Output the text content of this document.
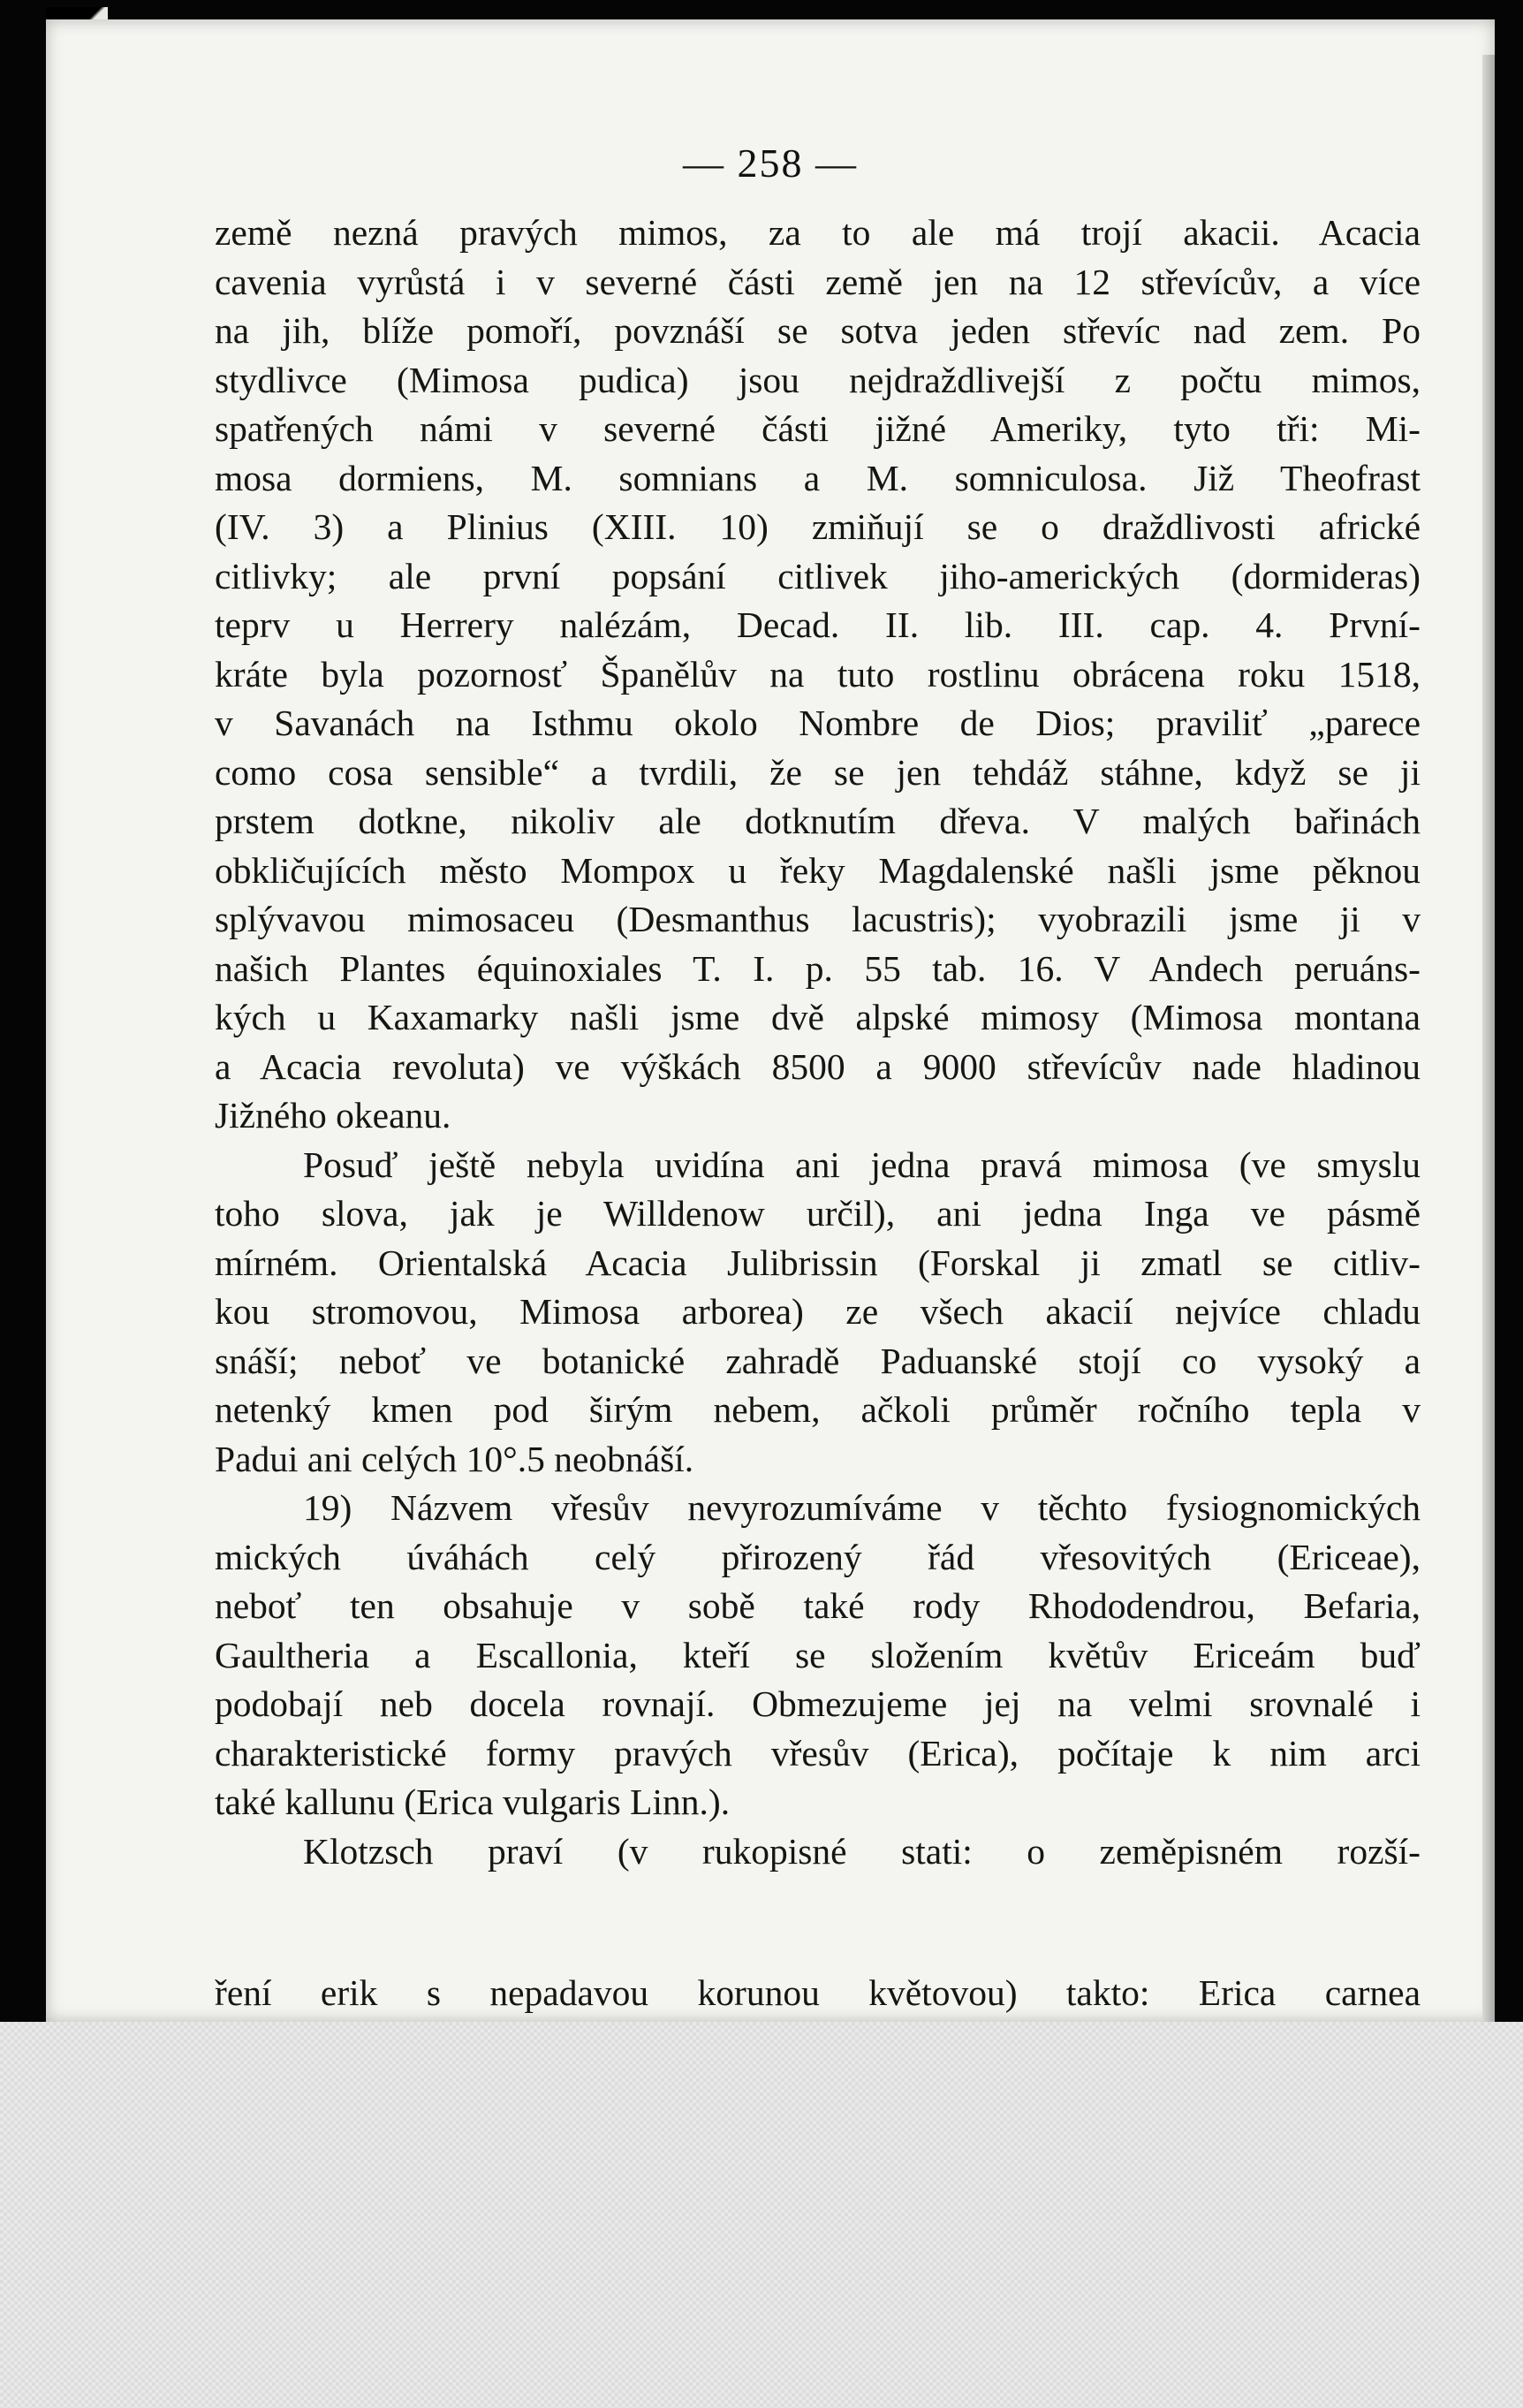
— 258 —
země nezná pravých mimos, za to ale má trojí akacii. Acacia
cavenia vyrůstá i v severné části země jen na 12 střevícův, a více
na jih, blíže pomoří, povznáší se sotva jeden střevíc nad zem. Po
stydlivce (Mimosa pudica) jsou nejdraždlivejší z počtu mimos,
spatřených námi v severné části jižné Ameriky, tyto tři: Mi-
mosa dormiens, M. somnians a M. somniculosa. Již Theofrast
(IV. 3) a Plinius (XIII. 10) zmiňují se o draždlivosti africké
citlivky; ale první popsání citlivek jiho-amerických (dormideras)
teprv u Herrery nalézám, Decad. II. lib. III. cap. 4. První-
kráte byla pozornosť Španělův na tuto rostlinu obrácena roku 1518,
v Savanách na Isthmu okolo Nombre de Dios; praviliť „parece
como cosa sensible“ a tvrdili, že se jen tehdáž stáhne, když se ji
prstem dotkne, nikoliv ale dotknutím dřeva. V malých bařinách
obkličujících město Mompox u řeky Magdalenské našli jsme pěknou
splývavou mimosaceu (Desmanthus lacustris); vyobrazili jsme ji v
našich Plantes équinoxiales T. I. p. 55 tab. 16. V Andech peruáns-
kých u Kaxamarky našli jsme dvě alpské mimosy (Mimosa montana
a Acacia revoluta) ve výškách 8500 a 9000 střevícův nade hladinou
Jižného okeanu.
Posuď ještě nebyla uvidína ani jedna pravá mimosa (ve smyslu
toho slova, jak je Willdenow určil), ani jedna Inga ve pásmě
mírném. Orientalská Acacia Julibrissin (Forskal ji zmatl se citliv-
kou stromovou, Mimosa arborea) ze všech akacií nejvíce chladu
snáší; neboť ve botanické zahradě Paduanské stojí co vysoký a
netenký kmen pod širým nebem, ačkoli průměr ročního tepla v
Padui ani celých 10°.5 neobnáší.
19) Názvem vřesův nevyrozumíváme v těchto fysiognomických
mických úváhách celý přirozený řád vřesovitých (Ericeae),
neboť ten obsahuje v sobě také rody Rhododendrou, Befaria,
Gaultheria a Escallonia, kteří se složením květův Ericeám buď
podobají neb docela rovnají. Obmezujeme jej na velmi srovnalé i
charakteristické formy pravých vřesův (Erica), počítaje k nim arci
také kallunu (Erica vulgaris Linn.).
Klotzsch praví (v rukopisné stati: o zeměpisném rozší-
ření erik s nepadavou korunou květovou) takto: Erica carnea
